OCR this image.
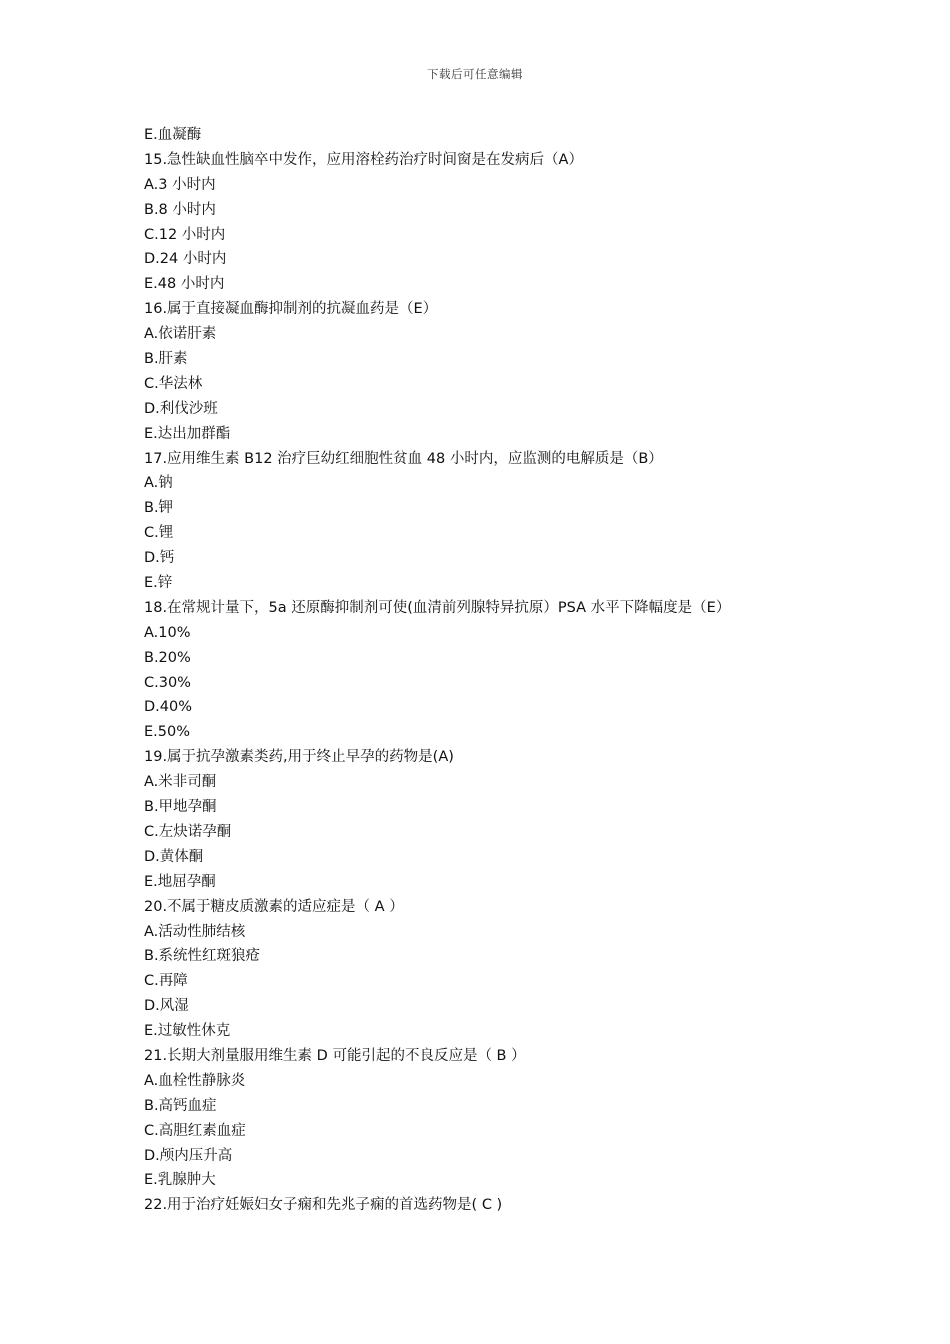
下载后可任意编辑
E.血凝酶
15.急性缺血性脑卒中发作，应用溶栓药治疗时间窗是在发病后（A）
A.3 小时内
B.8 小时内
C.12 小时内
D.24 小时内
E.48 小时内
16.属于直接凝血酶抑制剂的抗凝血药是（E）
A.依诺肝素
B.肝素
C.华法林
D.利伐沙班
E.达出加群酯
17.应用维生素 B12 治疗巨幼红细胞性贫血 48 小时内，应监测的电解质是（B）
A.钠
B.钾
C.锂
D.钙
E.锌
18.在常规计量下，5a 还原酶抑制剂可使(血清前列腺特异抗原）PSA 水平下降幅度是（E）
A.10%
B.20%
C.30%
D.40%
E.50%
19.属于抗孕激素类药,用于终止早孕的药物是(A)
A.米非司酮
B.甲地孕酮
C.左炔诺孕酮
D.黄体酮
E.地屈孕酮
20.不属于糖皮质激素的适应症是（ A ）
A.活动性肺结核
B.系统性红斑狼疮
C.再障
D.风湿
E.过敏性休克
21.长期大剂量服用维生素 D 可能引起的不良反应是（ B ）
A.血栓性静脉炎
B.高钙血症
C.高胆红素血症
D.颅内压升高
E.乳腺肿大
22.用于治疗妊娠妇女子痫和先兆子痫的首选药物是( C )
